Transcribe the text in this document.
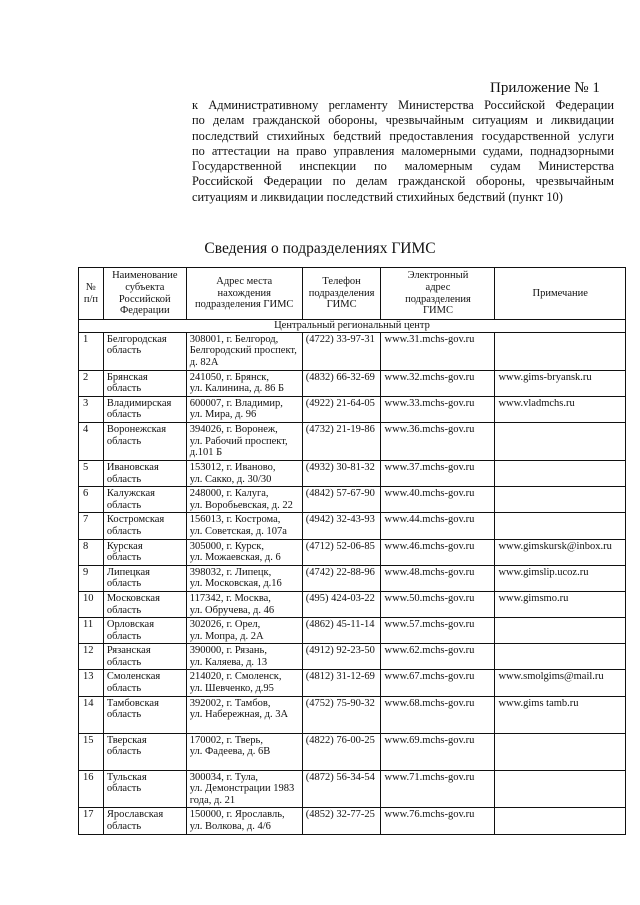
Приложение № 1
к Административному регламенту Министерства Российской Федерации
по делам гражданской обороны, чрезвычайным ситуациям и ликвидации
последствий стихийных бедствий предоставления государственной услуги
по аттестации на право управления маломерными судами, поднадзорными
Государственной инспекции по маломерным судам Министерства
Российской Федерации по делам гражданской обороны, чрезвычайным
ситуациям и ликвидации последствий стихийных бедствий (пункт 10)
Сведения о подразделениях ГИМС
№
п/п	Наименование
субъекта
Российской
Федерации	Адрес места
нахождения
подразделения ГИМС	Телефон
подразделения
ГИМС	Электронный
адрес
подразделения
ГИМС	Примечание

Центральный региональный центр					
1	Белгородская
область	308001, г. Белгород,
Белгородский проспект,
д. 82А	(4722) 33-97-31	www.31.mchs-gov.ru	
2	Брянская
область	241050, г. Брянск,
ул. Калинина, д. 86 Б	(4832) 66-32-69	www.32.mchs-gov.ru	www.gims-bryansk.ru
3	Владимирская
область	600007, г. Владимир,
ул. Мира, д. 96	(4922) 21-64-05	www.33.mchs-gov.ru	www.vladmchs.ru
4	Воронежская
область	394026, г. Воронеж,
ул. Рабочий проспект,
д.101 Б	(4732) 21-19-86	www.36.mchs-gov.ru	
5	Ивановская
область	153012, г. Иваново,
ул. Сакко, д. 30/30	(4932) 30-81-32	www.37.mchs-gov.ru	
6	Калужская
область	248000, г. Калуга,
ул. Воробьевская, д. 22	(4842) 57-67-90	www.40.mchs-gov.ru	
7	Костромская
область	156013, г. Кострома,
ул. Советская, д. 107а	(4942) 32-43-93	www.44.mchs-gov.ru	
8	Курская
область	305000, г. Курск,
ул. Можаевская, д. 6	(4712) 52-06-85	www.46.mchs-gov.ru	www.gimskursk@inbox.ru
9	Липецкая
область	398032, г. Липецк,
ул. Московская, д.16	(4742) 22-88-96	www.48.mchs-gov.ru	www.gimslip.ucoz.ru
10	Московская
область	117342, г. Москва,
ул. Обручева, д. 46	(495) 424-03-22	www.50.mchs-gov.ru	www.gimsmo.ru
11	Орловская
область	302026, г. Орел,
ул. Мопра, д. 2А	(4862) 45-11-14	www.57.mchs-gov.ru	
12	Рязанская
область	390000, г. Рязань,
ул. Каляева, д. 13	(4912) 92-23-50	www.62.mchs-gov.ru	
13	Смоленская
область	214020, г. Смоленск,
ул. Шевченко, д.95	(4812) 31-12-69	www.67.mchs-gov.ru	www.smolgims@mail.ru
14	Тамбовская
область	392002, г. Тамбов,
ул. Набережная, д. 3А	(4752) 75-90-32	www.68.mchs-gov.ru	www.gims tamb.ru
15	Тверская
область	170002, г. Тверь,
ул. Фадеева, д. 6В	(4822) 76-00-25	www.69.mchs-gov.ru	
16	Тульская
область	300034, г. Тула,
ул. Демонстрации 1983
года, д. 21	(4872) 56-34-54	www.71.mchs-gov.ru	
17	Ярославская
область	150000, г. Ярославль,
ул. Волкова, д. 4/6	(4852) 32-77-25	www.76.mchs-gov.ru	
